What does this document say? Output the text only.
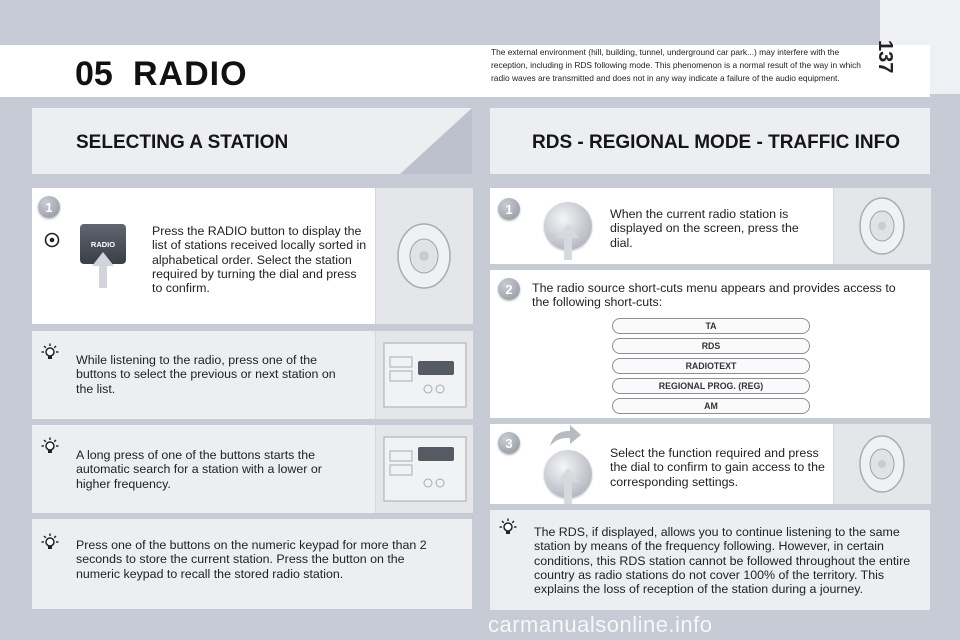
137
05 RADIO
The external environment (hill, building, tunnel, underground car park...) may interfere with the reception, including in RDS following mode. This phenomenon is a normal result of the way in which radio waves are transmitted and does not in any way indicate a failure of the audio equipment.
SELECTING A STATION	RDS - REGIONAL MODE - TRAFFIC INFO
1
RADIO
Press the RADIO button to display the list of stations received locally sorted in alphabetical order. Select the station required by turning the dial and press to confirm.
While listening to the radio, press one of the buttons to select the previous or next station on the list.
A long press of one of the buttons starts the automatic search for a station with a lower or higher frequency.
Press one of the buttons on the numeric keypad for more than 2 seconds to store the current station. Press the button on the numeric keypad to recall the stored radio station.
1	When the current radio station is displayed on the screen, press the dial.
2	The radio source short-cuts menu appears and provides access to the following short-cuts:
TA
RDS
RADIOTEXT
REGIONAL PROG. (REG)
AM
3
Select the function required and press the dial to confirm to gain access to the corresponding settings.
The RDS, if displayed, allows you to continue listening to the same station by means of the frequency following. However, in certain conditions, this RDS station cannot be followed throughout the entire country as radio stations do not cover 100% of the territory. This explains the loss of reception of the station during a journey.
carmanualsonline.info
